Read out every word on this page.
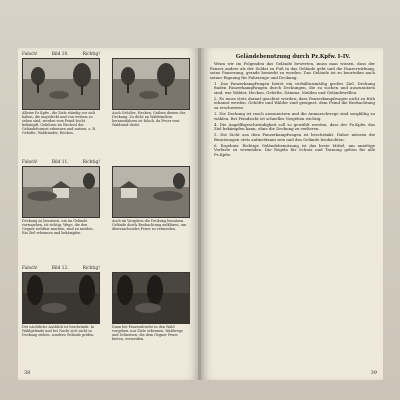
Falsch!	Bild 10.	Richtig!
Alleine Pz.Kpfw., die Ziele ständig vor sich haben, die ungedeckt und von weitem zu sehen sind, werden vom Feind leicht bekämpft. Gefahren im Wechsel der Geländeformen erkennen und nutzen, z. B. Gehöfte, Waldränder, Hecken.
Auch Gehölze, Hecken, Gräben dienen der Deckung. Zu dicht an Waldrändern heranzufahren ist falsch, da Feuer vom Waldrand droht.
Falsch!	Bild 11.	Richtig!
Deckung zu benutzen, um im Gelände vorzugehen, ist richtig. Wege, die den Gegner sichtbar machen, sind zu meiden. Ein Ziel erkennen und bekämpfen.
Auch im Vorgehen die Deckung benutzen. Gelände durch Beobachtung aufklären, um überraschendes Feuer zu vermeiden.
Falsch!	Bild 12.	Richtig!
Der nächtliche Ausblick ist beschränkt. In Waldgelände und bei Nacht sich nicht in Deckung ziehen, sondern Gelände prüfen.
Dann bei Panzerabwehr in den Wald vorgehen, nur Ziele erkennen. Waldwege und Schneisen, die dem Gegner Feuer bieten, vermeiden.
38
Geländebenutzung durch Pz.Kpfw. I–IV.

Wenn wir im Folgenden das Gelände bewerten, muss man wissen, dass der Panzer anders als der Soldat zu Fuß in das Gelände geht und die Panzerwirkung, seine Panzerung, gerade bemerkt zu werden. Das Gelände ist zu beurteilen nach seiner Eignung für Fahrzeuge und Deckung.

1. Das Panzerkampfwagen bietet ein verhältnismäßig großes Ziel. Deckung finden Panzerkampfwagen durch Deckungen, die zu suchen und auszunutzen sind, wie Wälder, Hecken, Gehöfte, Dämme, Mulden und Geländewellen.

2. Es muss stets darauf geachtet werden, dass Panzerkampfwagen nicht zu früh erkannt werden. Gehöfte und Wälder sind geeignet, dem Feind die Beobachtung zu erschweren.

3. Die Deckung ist rasch auszunutzen und die Anmarschwege sind sorgfältig zu wählen. Bei Feindsicht ist schnelles Vorgehen wichtig.

4. Die Angriffsgeschwindigkeit soll so gewählt werden, dass der Pz.Kpfw. das Ziel bekämpfen kann, ohne die Deckung zu verlieren.

5. Die Sicht aus dem Panzerkampfwagen ist beschränkt. Daher müssen die Besatzungen stets aufmerksam sein und das Gelände beobachten.

6. Ergebnis: Richtige Geländebenutzung ist das beste Mittel, um unnötige Verluste zu vermeiden. Die Regeln für Schutz und Tarnung gelten für alle Pz.Kpfw.

39
